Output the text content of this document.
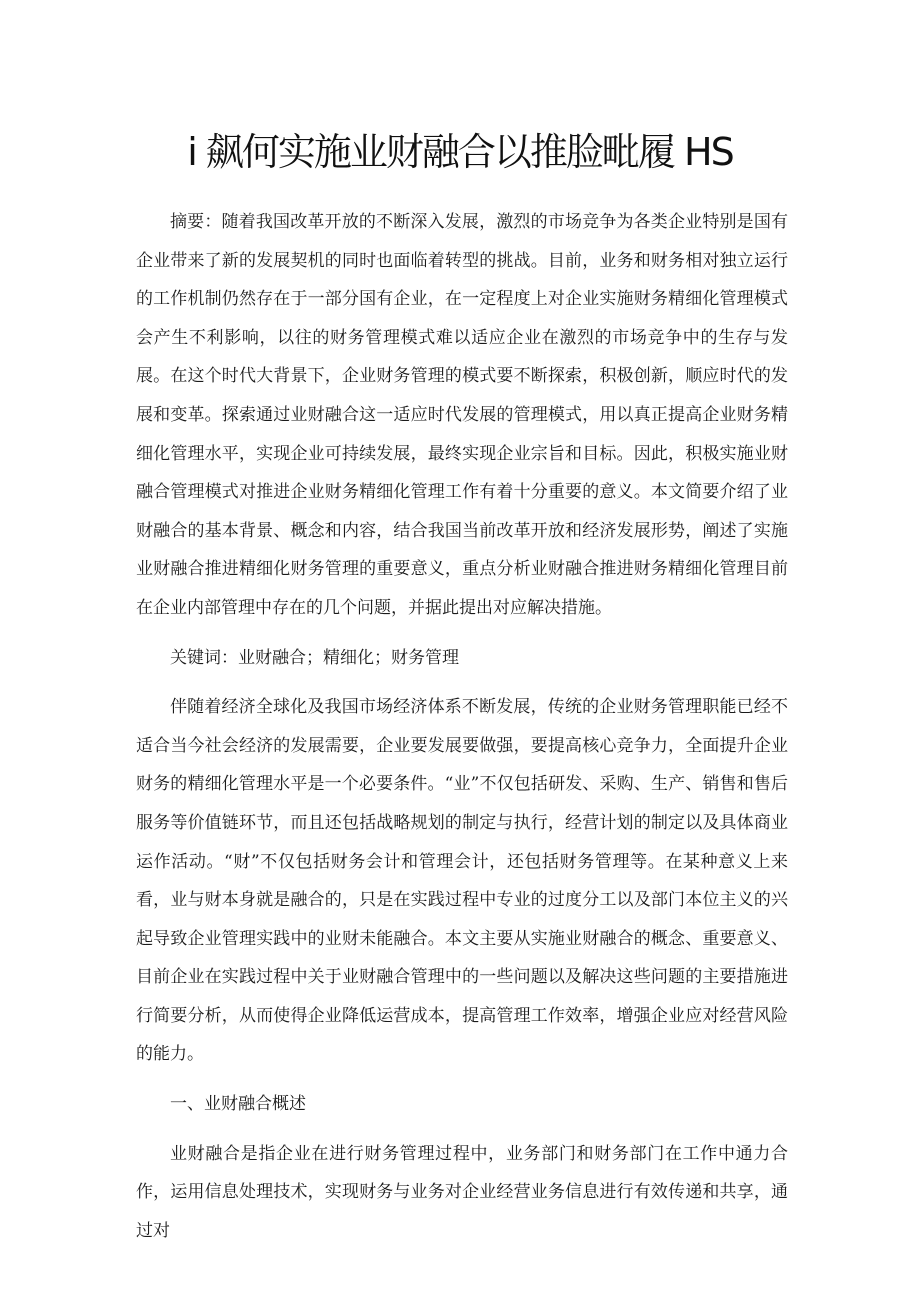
i 飙何实施业财融合以推脸毗履 HS

摘要：随着我国改革开放的不断深入发展，激烈的市场竞争为各类企业特别是国有企业带来了新的发展契机的同时也面临着转型的挑战。目前，业务和财务相对独立运行的工作机制仍然存在于一部分国有企业，在一定程度上对企业实施财务精细化管理模式会产生不利影响，以往的财务管理模式难以适应企业在激烈的市场竞争中的生存与发展。在这个时代大背景下，企业财务管理的模式要不断探索，积极创新，顺应时代的发展和变革。探索通过业财融合这一适应时代发展的管理模式，用以真正提高企业财务精细化管理水平，实现企业可持续发展，最终实现企业宗旨和目标。因此，积极实施业财融合管理模式对推进企业财务精细化管理工作有着十分重要的意义。本文简要介绍了业财融合的基本背景、概念和内容，结合我国当前改革开放和经济发展形势，阐述了实施业财融合推进精细化财务管理的重要意义，重点分析业财融合推进财务精细化管理目前在企业内部管理中存在的几个问题，并据此提出对应解决措施。

关键词：业财融合；精细化；财务管理

伴随着经济全球化及我国市场经济体系不断发展，传统的企业财务管理职能已经不适合当今社会经济的发展需要，企业要发展要做强，要提高核心竞争力，全面提升企业财务的精细化管理水平是一个必要条件。“业”不仅包括研发、采购、生产、销售和售后服务等价值链环节，而且还包括战略规划的制定与执行，经营计划的制定以及具体商业运作活动。“财”不仅包括财务会计和管理会计，还包括财务管理等。在某种意义上来看，业与财本身就是融合的，只是在实践过程中专业的过度分工以及部门本位主义的兴起导致企业管理实践中的业财未能融合。本文主要从实施业财融合的概念、重要意义、目前企业在实践过程中关于业财融合管理中的一些问题以及解决这些问题的主要措施进行简要分析，从而使得企业降低运营成本，提高管理工作效率，增强企业应对经营风险的能力。

一、业财融合概述

业财融合是指企业在进行财务管理过程中，业务部门和财务部门在工作中通力合作，运用信息处理技术，实现财务与业务对企业经营业务信息进行有效传递和共享，通过对
